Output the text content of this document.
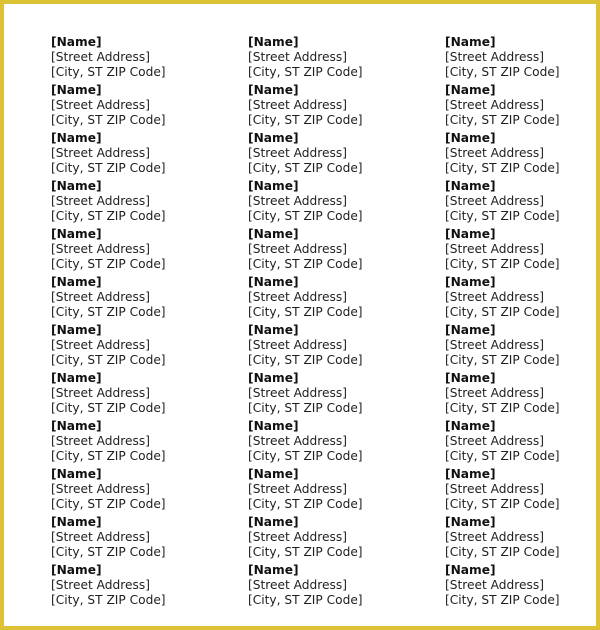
[Name]
[Street Address]
[City, ST ZIP Code]
[Name]
[Street Address]
[City, ST ZIP Code]
[Name]
[Street Address]
[City, ST ZIP Code]
[Name]
[Street Address]
[City, ST ZIP Code]
[Name]
[Street Address]
[City, ST ZIP Code]
[Name]
[Street Address]
[City, ST ZIP Code]
[Name]
[Street Address]
[City, ST ZIP Code]
[Name]
[Street Address]
[City, ST ZIP Code]
[Name]
[Street Address]
[City, ST ZIP Code]
[Name]
[Street Address]
[City, ST ZIP Code]
[Name]
[Street Address]
[City, ST ZIP Code]
[Name]
[Street Address]
[City, ST ZIP Code]
[Name]
[Street Address]
[City, ST ZIP Code]
[Name]
[Street Address]
[City, ST ZIP Code]
[Name]
[Street Address]
[City, ST ZIP Code]
[Name]
[Street Address]
[City, ST ZIP Code]
[Name]
[Street Address]
[City, ST ZIP Code]
[Name]
[Street Address]
[City, ST ZIP Code]
[Name]
[Street Address]
[City, ST ZIP Code]
[Name]
[Street Address]
[City, ST ZIP Code]
[Name]
[Street Address]
[City, ST ZIP Code]
[Name]
[Street Address]
[City, ST ZIP Code]
[Name]
[Street Address]
[City, ST ZIP Code]
[Name]
[Street Address]
[City, ST ZIP Code]
[Name]
[Street Address]
[City, ST ZIP Code]
[Name]
[Street Address]
[City, ST ZIP Code]
[Name]
[Street Address]
[City, ST ZIP Code]
[Name]
[Street Address]
[City, ST ZIP Code]
[Name]
[Street Address]
[City, ST ZIP Code]
[Name]
[Street Address]
[City, ST ZIP Code]
[Name]
[Street Address]
[City, ST ZIP Code]
[Name]
[Street Address]
[City, ST ZIP Code]
[Name]
[Street Address]
[City, ST ZIP Code]
[Name]
[Street Address]
[City, ST ZIP Code]
[Name]
[Street Address]
[City, ST ZIP Code]
[Name]
[Street Address]
[City, ST ZIP Code]
